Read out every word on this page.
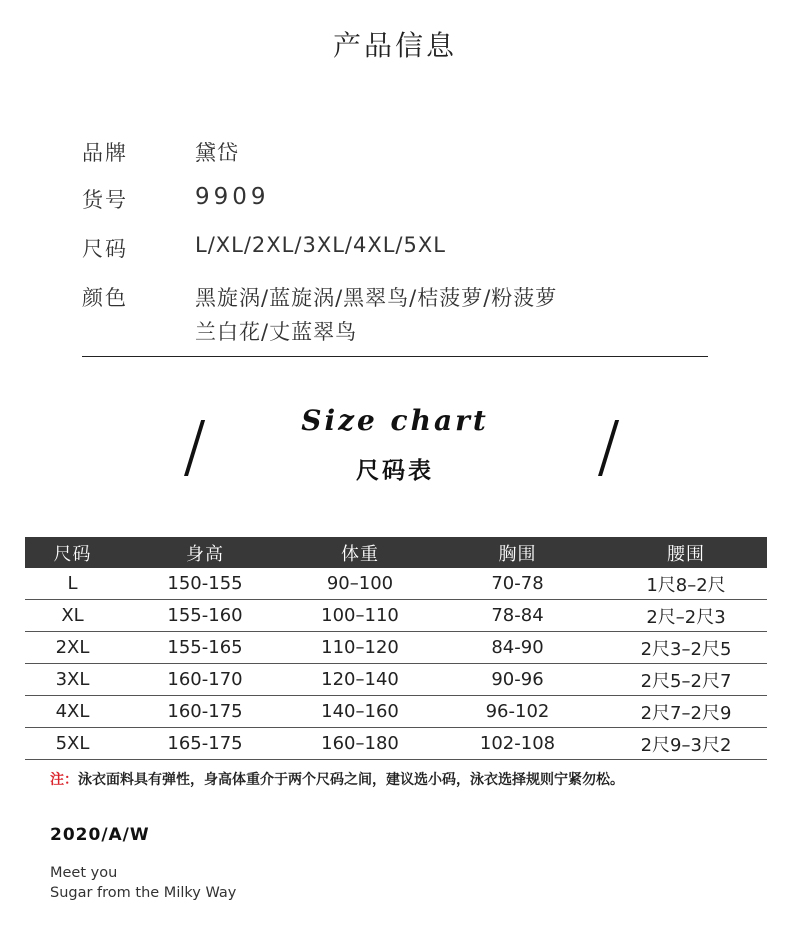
产品信息
品牌	黛岱
货号	9909
尺码	L/XL/2XL/3XL/4XL/5XL
颜色	黑旋涡/蓝旋涡/黑翠鸟/桔菠萝/粉菠萝
兰白花/丈蓝翠鸟
Size chart
尺码表
尺码	身高	体重	胸围	腰围
L	150-155	90–100	70-78	1尺8–2尺
XL	155-160	100–110	78-84	2尺–2尺3
2XL	155-165	110–120	84-90	2尺3–2尺5
3XL	160-170	120–140	90-96	2尺5–2尺7
4XL	160-175	140–160	96-102	2尺7–2尺9
5XL	165-175	160–180	102-108	2尺9–3尺2
注：泳衣面料具有弹性，身高体重介于两个尺码之间，建议选小码，泳衣选择规则宁紧勿松。
2020/A/W
Meet you
Sugar from the Milky Way
